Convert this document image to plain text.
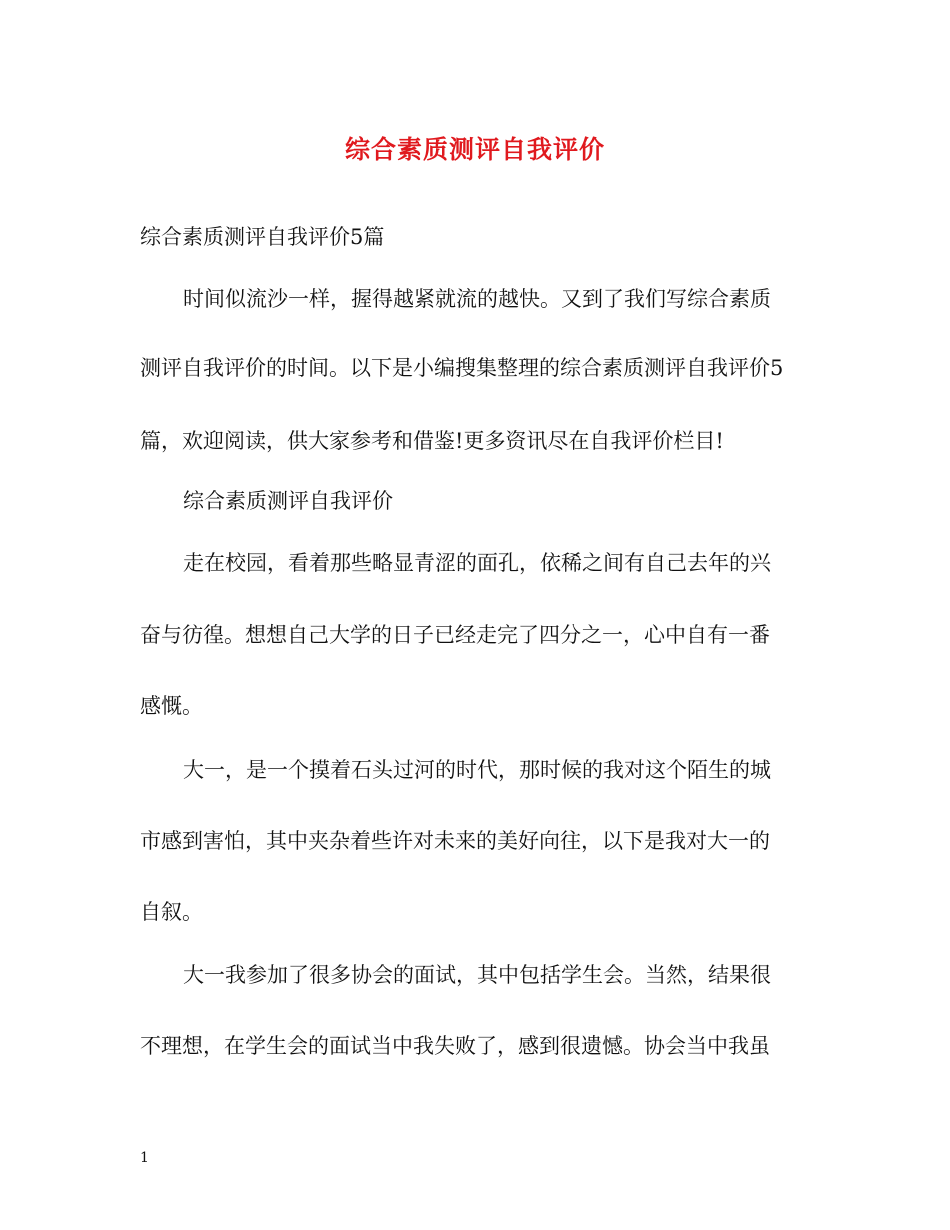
综合素质测评自我评价
综合素质测评自我评价5篇
时间似流沙一样，握得越紧就流的越快。又到了我们写综合素质
测评自我评价的时间。以下是小编搜集整理的综合素质测评自我评价5
篇，欢迎阅读，供大家参考和借鉴!更多资讯尽在自我评价栏目!
综合素质测评自我评价
走在校园，看着那些略显青涩的面孔，依稀之间有自己去年的兴
奋与彷徨。想想自己大学的日子已经走完了四分之一，心中自有一番
感慨。
大一，是一个摸着石头过河的时代，那时候的我对这个陌生的城
市感到害怕，其中夹杂着些许对未来的美好向往，以下是我对大一的
自叙。
大一我参加了很多协会的面试，其中包括学生会。当然，结果很
不理想，在学生会的面试当中我失败了，感到很遗憾。协会当中我虽
1
